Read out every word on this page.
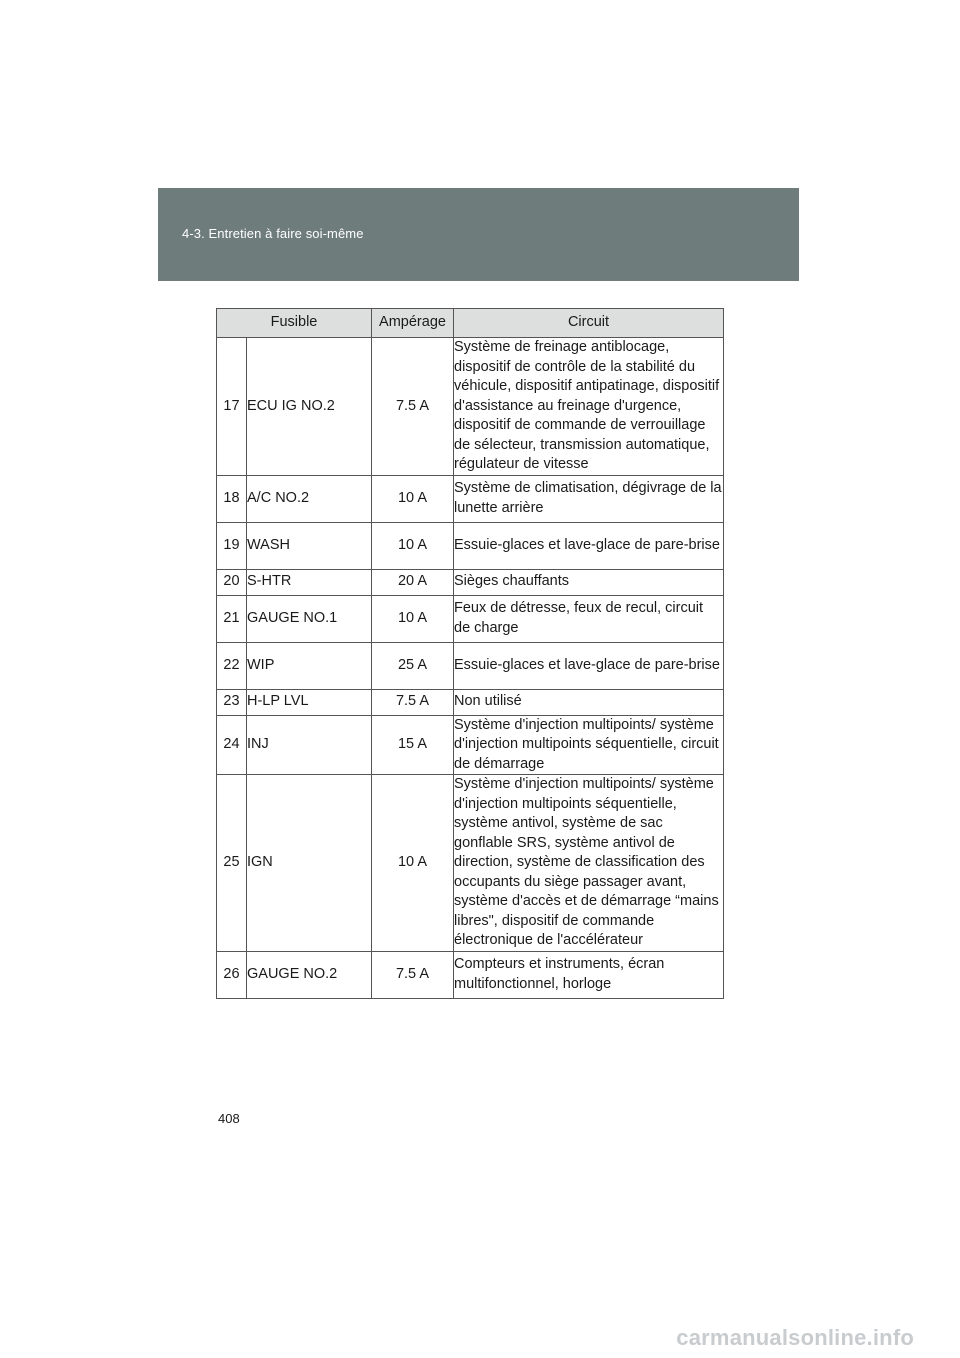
4-3. Entretien à faire soi-même
Fusible		Ampérage	Circuit
17	ECU IG NO.2	7.5 A	Système de freinage antiblocage, dispositif de contrôle de la stabilité du véhicule, dispositif antipatinage, dispositif d'assistance au freinage d'urgence, dispositif de commande de verrouillage de sélecteur, transmission automatique, régulateur de vitesse
18	A/C NO.2	10 A	Système de climatisation, dégivrage de la lunette arrière
19	WASH	10 A	Essuie-glaces et lave-glace de pare-brise
20	S-HTR	20 A	Sièges chauffants
21	GAUGE NO.1	10 A	Feux de détresse, feux de recul, circuit de charge
22	WIP	25 A	Essuie-glaces et lave-glace de pare-brise
23	H-LP LVL	7.5 A	Non utilisé
24	INJ	15 A	Système d'injection multipoints/ système d'injection multipoints séquentielle, circuit de démarrage
25	IGN	10 A	Système d'injection multipoints/ système d'injection multipoints séquentielle, système antivol, système de sac gonflable SRS, système antivol de direction, système de classification des occupants du siège passager avant, système d'accès et de démarrage “mains libres", dispositif de commande électronique de l'accélérateur
26	GAUGE NO.2	7.5 A	Compteurs et instruments, écran multifonctionnel, horloge
408
carmanualsonline.info
